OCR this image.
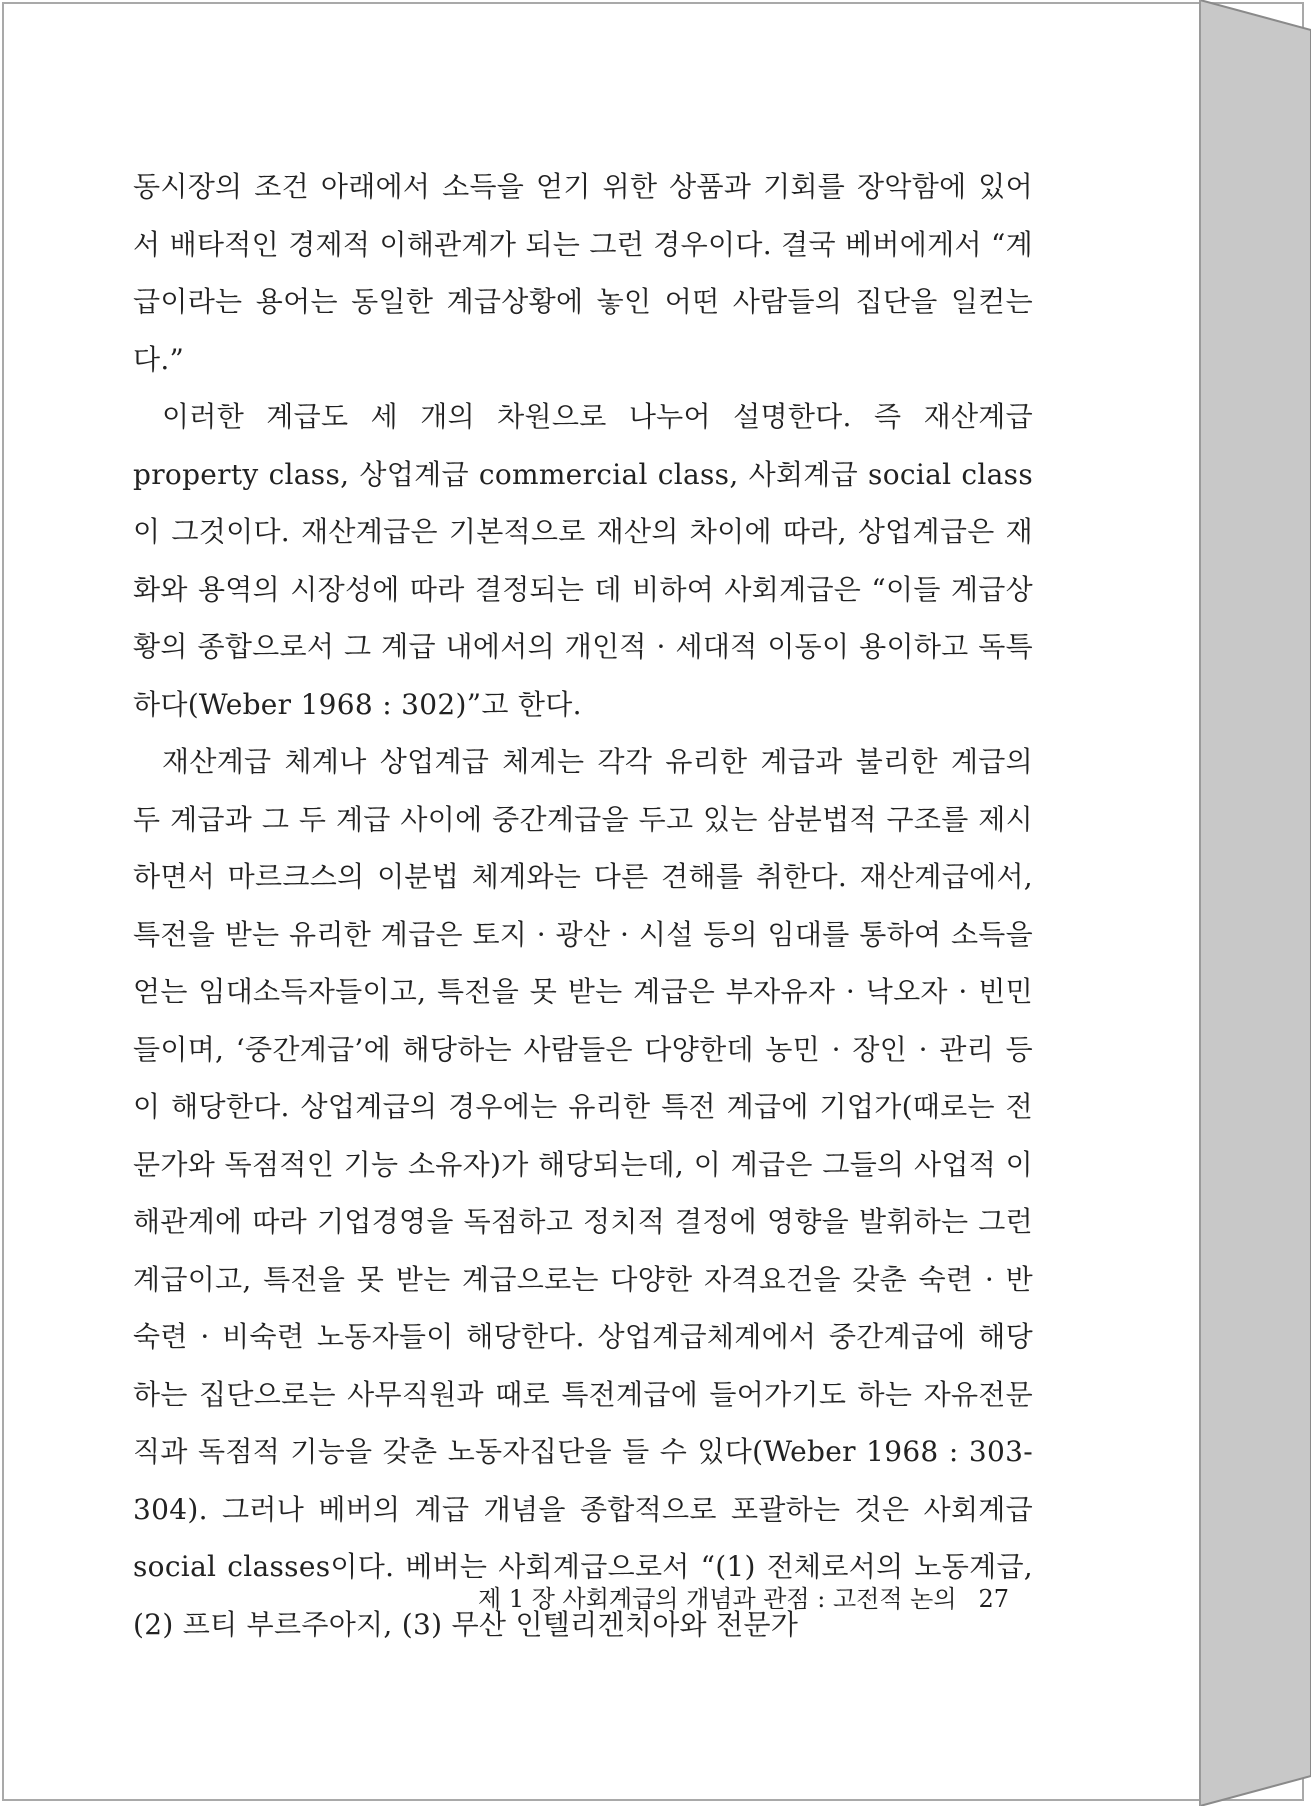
동시장의 조건 아래에서 소득을 얻기 위한 상품과 기회를 장악함에 있어서 배타적인 경제적 이해관계가 되는 그런 경우이다. 결국 베버에게서 “계급이라는 용어는 동일한 계급상황에 놓인 어떤 사람들의 집단을 일컫는다.”

이러한 계급도 세 개의 차원으로 나누어 설명한다. 즉 재산계급 property class, 상업계급 commercial class, 사회계급 social class이 그것이다. 재산계급은 기본적으로 재산의 차이에 따라, 상업계급은 재화와 용역의 시장성에 따라 결정되는 데 비하여 사회계급은 “이들 계급상황의 종합으로서 그 계급 내에서의 개인적 · 세대적 이동이 용이하고 독특하다(Weber 1968 : 302)”고 한다.

재산계급 체계나 상업계급 체계는 각각 유리한 계급과 불리한 계급의 두 계급과 그 두 계급 사이에 중간계급을 두고 있는 삼분법적 구조를 제시하면서 마르크스의 이분법 체계와는 다른 견해를 취한다. 재산계급에서, 특전을 받는 유리한 계급은 토지 · 광산 · 시설 등의 임대를 통하여 소득을 얻는 임대소득자들이고, 특전을 못 받는 계급은 부자유자 · 낙오자 · 빈민들이며, ‘중간계급’에 해당하는 사람들은 다양한데 농민 · 장인 · 관리 등이 해당한다. 상업계급의 경우에는 유리한 특전 계급에 기업가(때로는 전문가와 독점적인 기능 소유자)가 해당되는데, 이 계급은 그들의 사업적 이해관계에 따라 기업경영을 독점하고 정치적 결정에 영향을 발휘하는 그런 계급이고, 특전을 못 받는 계급으로는 다양한 자격요건을 갖춘 숙련 · 반숙련 · 비숙련 노동자들이 해당한다. 상업계급체계에서 중간계급에 해당하는 집단으로는 사무직원과 때로 특전계급에 들어가기도 하는 자유전문직과 독점적 기능을 갖춘 노동자집단을 들 수 있다(Weber 1968 : 303-304). 그러나 베버의 계급 개념을 종합적으로 포괄하는 것은 사회계급 social classes이다. 베버는 사회계급으로서 “(1) 전체로서의 노동계급, (2) 프티 부르주아지, (3) 무산 인텔리겐치아와 전문가

제 1 장 사회계급의 개념과 관점 : 고전적 논의 27
